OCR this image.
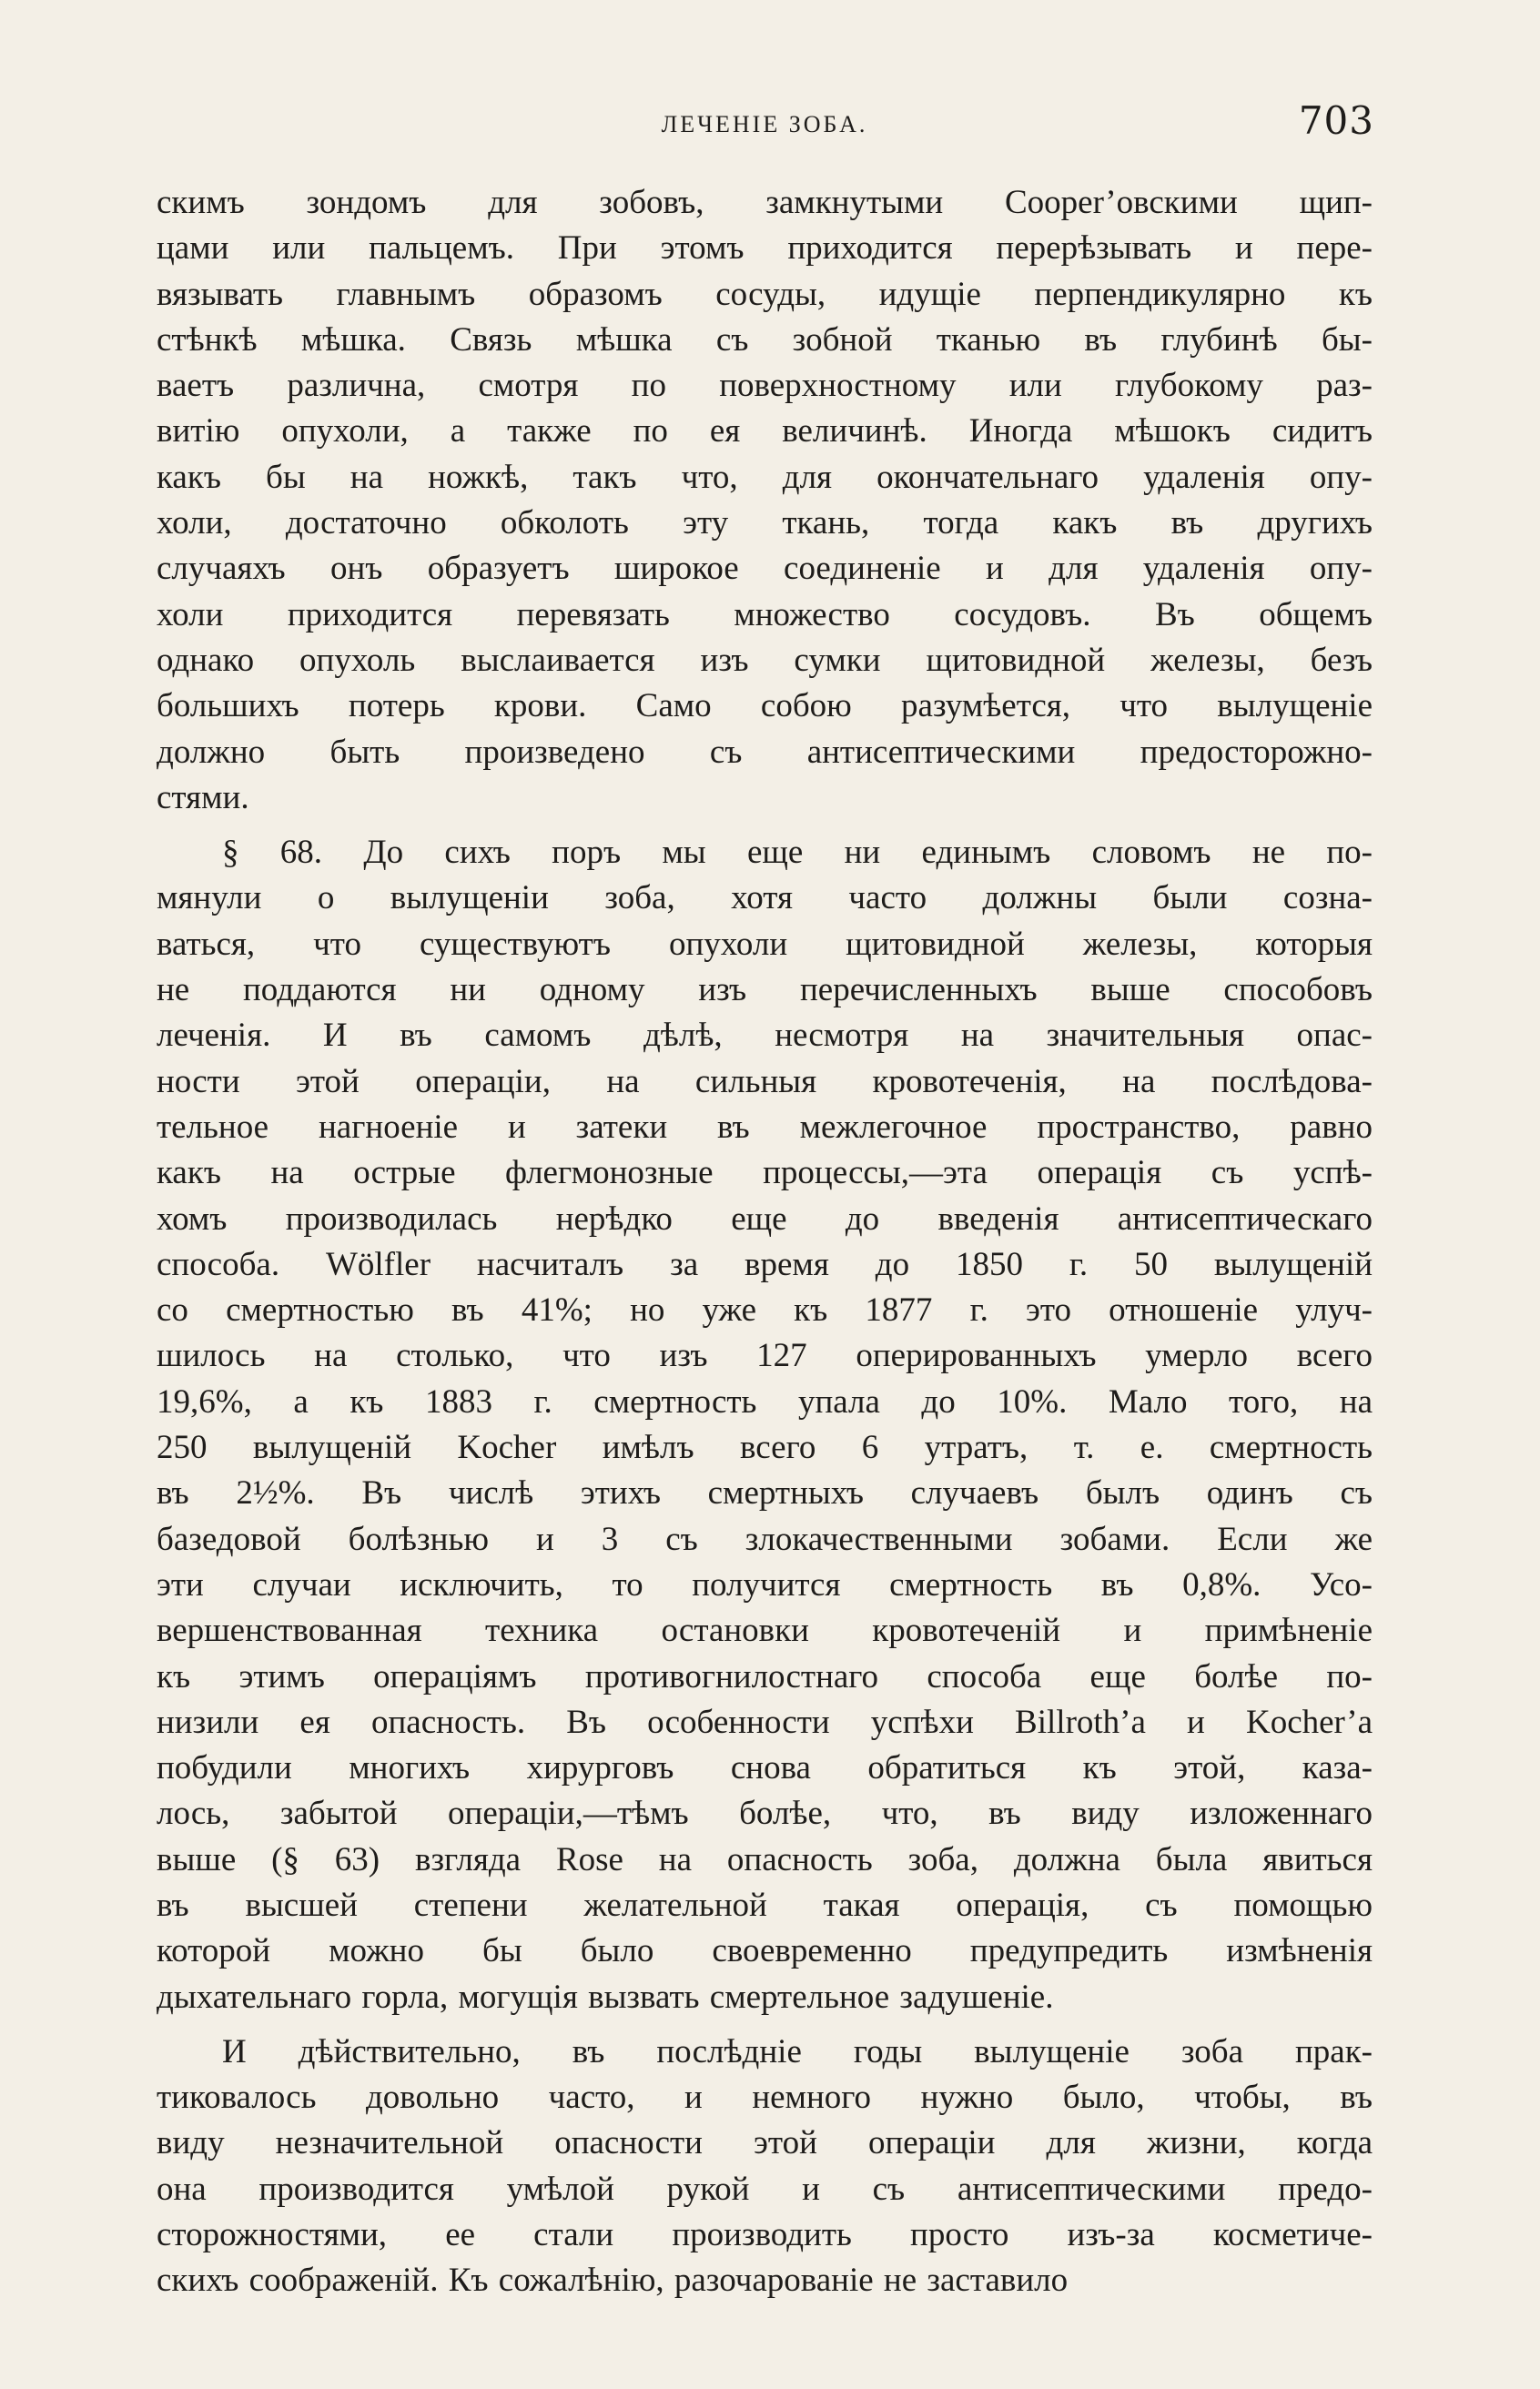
ЛЕЧЕНІЕ ЗОБА.	703
скимъ зондомъ для зобовъ, замкнутыми Cooper’овскими щип-
цами или пальцемъ. При этомъ приходится перерѣзывать и пере-
вязывать главнымъ образомъ сосуды, идущіе перпендикулярно къ
стѣнкѣ мѣшка. Связь мѣшка съ зобной тканью въ глубинѣ бы-
ваетъ различна, смотря по поверхностному или глубокому раз-
витію опухоли, а также по ея величинѣ. Иногда мѣшокъ сидитъ
какъ бы на ножкѣ, такъ что, для окончательнаго удаленія опу-
холи, достаточно обколоть эту ткань, тогда какъ въ другихъ
случаяхъ онъ образуетъ широкое соединеніе и для удаленія опу-
холи приходится перевязать множество сосудовъ. Въ общемъ
однако опухоль выслаивается изъ сумки щитовидной железы, безъ
большихъ потерь крови. Само собою разумѣется, что вылущеніе
должно быть произведено съ антисептическими предосторожно-
стями.
§ 68. До сихъ поръ мы еще ни единымъ словомъ не по-
мянули о вылущеніи зоба, хотя часто должны были созна-
ваться, что существуютъ опухоли щитовидной железы, которыя
не поддаются ни одному изъ перечисленныхъ выше способовъ
леченія. И въ самомъ дѣлѣ, несмотря на значительныя опас-
ности этой операціи, на сильныя кровотеченія, на послѣдова-
тельное нагноеніе и затеки въ межлегочное пространство, равно
какъ на острые флегмонозные процессы,—эта операція съ успѣ-
хомъ производилась нерѣдко еще до введенія антисептическаго
способа. Wölfler насчиталъ за время до 1850 г. 50 вылущеній
со смертностью въ 41%; но уже къ 1877 г. это отношеніе улуч-
шилось на столько, что изъ 127 оперированныхъ умерло всего
19,6%, а къ 1883 г. смертность упала до 10%. Мало того, на
250 вылущеній Kocher имѣлъ всего 6 утратъ, т. е. смертность
въ 2½%. Въ числѣ этихъ смертныхъ случаевъ былъ одинъ съ
базедовой болѣзнью и 3 съ злокачественными зобами. Если же
эти случаи исключить, то получится смертность въ 0,8%. Усо-
вершенствованная техника остановки кровотеченій и примѣненіе
къ этимъ операціямъ противогнилостнаго способа еще болѣе по-
низили ея опасность. Въ особенности успѣхи Billroth’а и Kocher’а
побудили многихъ хирурговъ снова обратиться къ этой, каза-
лось, забытой операціи,—тѣмъ болѣе, что, въ виду изложеннаго
выше (§ 63) взгляда Rose на опасность зоба, должна была явиться
въ высшей степени желательной такая операція, съ помощью
которой можно бы было своевременно предупредить измѣненія
дыхательнаго горла, могущія вызвать смертельное задушеніе.
И дѣйствительно, въ послѣдніе годы вылущеніе зоба прак-
тиковалось довольно часто, и немного нужно было, чтобы, въ
виду незначительной опасности этой операціи для жизни, когда
она производится умѣлой рукой и съ антисептическими предо-
сторожностями, ее стали производить просто изъ-за косметиче-
скихъ соображеній. Къ сожалѣнію, разочарованіе не заставило
